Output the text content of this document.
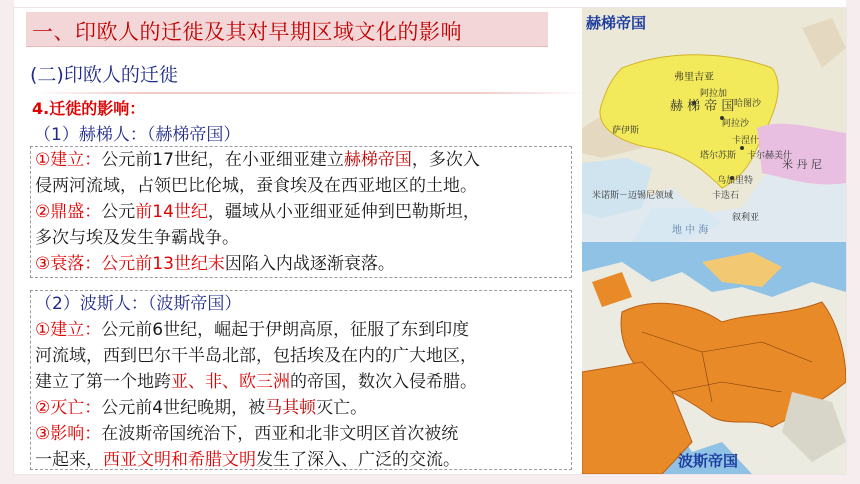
一、印欧人的迁徙及其对早期区域文化的影响
(二)印欧人的迁徙
4.迁徙的影响：
（1）赫梯人：（赫梯帝国）
①建立：公元前17世纪，在小亚细亚建立赫梯帝国，多次入
侵两河流域，占领巴比伦城，蚕食埃及在西亚地区的土地。
②鼎盛：公元前14世纪，疆域从小亚细亚延伸到巴勒斯坦，
多次与埃及发生争霸战争。
③衰落：公元前13世纪末因陷入内战逐渐衰落。
（2）波斯人：（波斯帝国）
①建立：公元前6世纪，崛起于伊朗高原，征服了东到印度
河流域，西到巴尔干半岛北部，包括埃及在内的广大地区，
建立了第一个地跨亚、非、欧三洲的帝国，数次入侵希腊。
②灭亡：公元前4世纪晚期，被马其顿灭亡。
③影响：在波斯帝国统治下，西亚和北非文明区首次被统
一起来，西亚文明和希腊文明发生了深入、广泛的交流。
弗里吉亚
赫 梯 帝 国
米 丹 尼
米诺斯－迈锡尼领域
萨伊斯
地 中 海
卡迭石
叙利亚
乌加里特
阿拉加
阿拉沙
哈图沙
卡涅什
塔尔苏斯 卡尔赫美什
赫梯帝国
波斯帝国
